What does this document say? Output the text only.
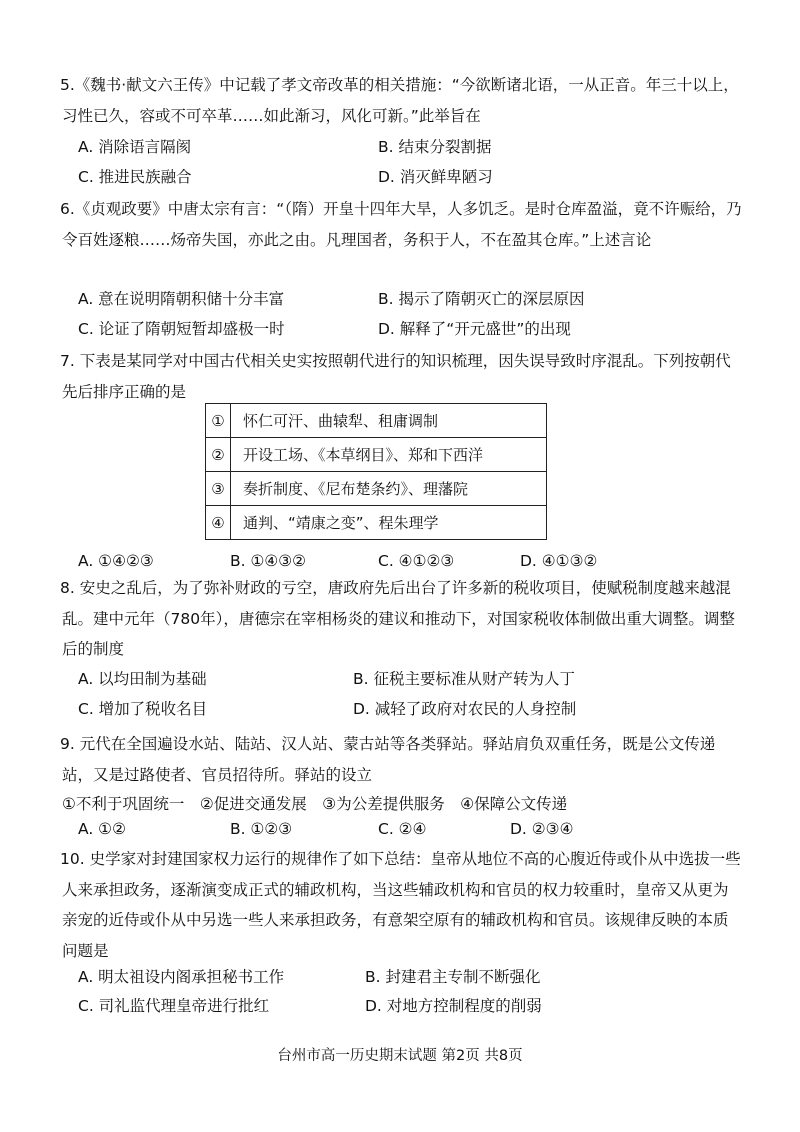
5.《魏书·献文六王传》中记载了孝文帝改革的相关措施：“今欲断诸北语，一从正音。年三十以上，习性已久，容或不可卒革……如此渐习，风化可新。”此举旨在
A. 消除语言隔阂	B. 结束分裂割据
C. 推进民族融合	D. 消灭鲜卑陋习
6.《贞观政要》中唐太宗有言：“（隋）开皇十四年大旱，人多饥乏。是时仓库盈溢，竟不许赈给，乃令百姓逐粮……炀帝失国，亦此之由。凡理国者，务积于人，不在盈其仓库。”上述言论
A. 意在说明隋朝积储十分丰富	B. 揭示了隋朝灭亡的深层原因
C. 论证了隋朝短暂却盛极一时	D. 解释了“开元盛世”的出现
7. 下表是某同学对中国古代相关史实按照朝代进行的知识梳理，因失误导致时序混乱。下列按朝代先后排序正确的是
①	怀仁可汗、曲辕犁、租庸调制
②	开设工场、《本草纲目》、郑和下西洋
③	奏折制度、《尼布楚条约》、理藩院
④	通判、“靖康之变”、程朱理学
A. ①④②③	B. ①④③②	C. ④①②③	D. ④①③②
8. 安史之乱后，为了弥补财政的亏空，唐政府先后出台了许多新的税收项目，使赋税制度越来越混乱。建中元年（780年），唐德宗在宰相杨炎的建议和推动下，对国家税收体制做出重大调整。调整后的制度
A. 以均田制为基础	B. 征税主要标准从财产转为人丁
C. 增加了税收名目	D. 减轻了政府对农民的人身控制
9. 元代在全国遍设水站、陆站、汉人站、蒙古站等各类驿站。驿站肩负双重任务，既是公文传递站，又是过路使者、官员招待所。驿站的设立
①不利于巩固统一　②促进交通发展　③为公差提供服务　④保障公文传递
A. ①②	B. ①②③	C. ②④	D. ②③④
10. 史学家对封建国家权力运行的规律作了如下总结：皇帝从地位不高的心腹近侍或仆从中选拔一些人来承担政务，逐渐演变成正式的辅政机构，当这些辅政机构和官员的权力较重时，皇帝又从更为亲宠的近侍或仆从中另选一些人来承担政务，有意架空原有的辅政机构和官员。该规律反映的本质问题是
A. 明太祖设内阁承担秘书工作	B. 封建君主专制不断强化
C. 司礼监代理皇帝进行批红	D. 对地方控制程度的削弱
台州市高一历史期末试题 第2页 共8页
